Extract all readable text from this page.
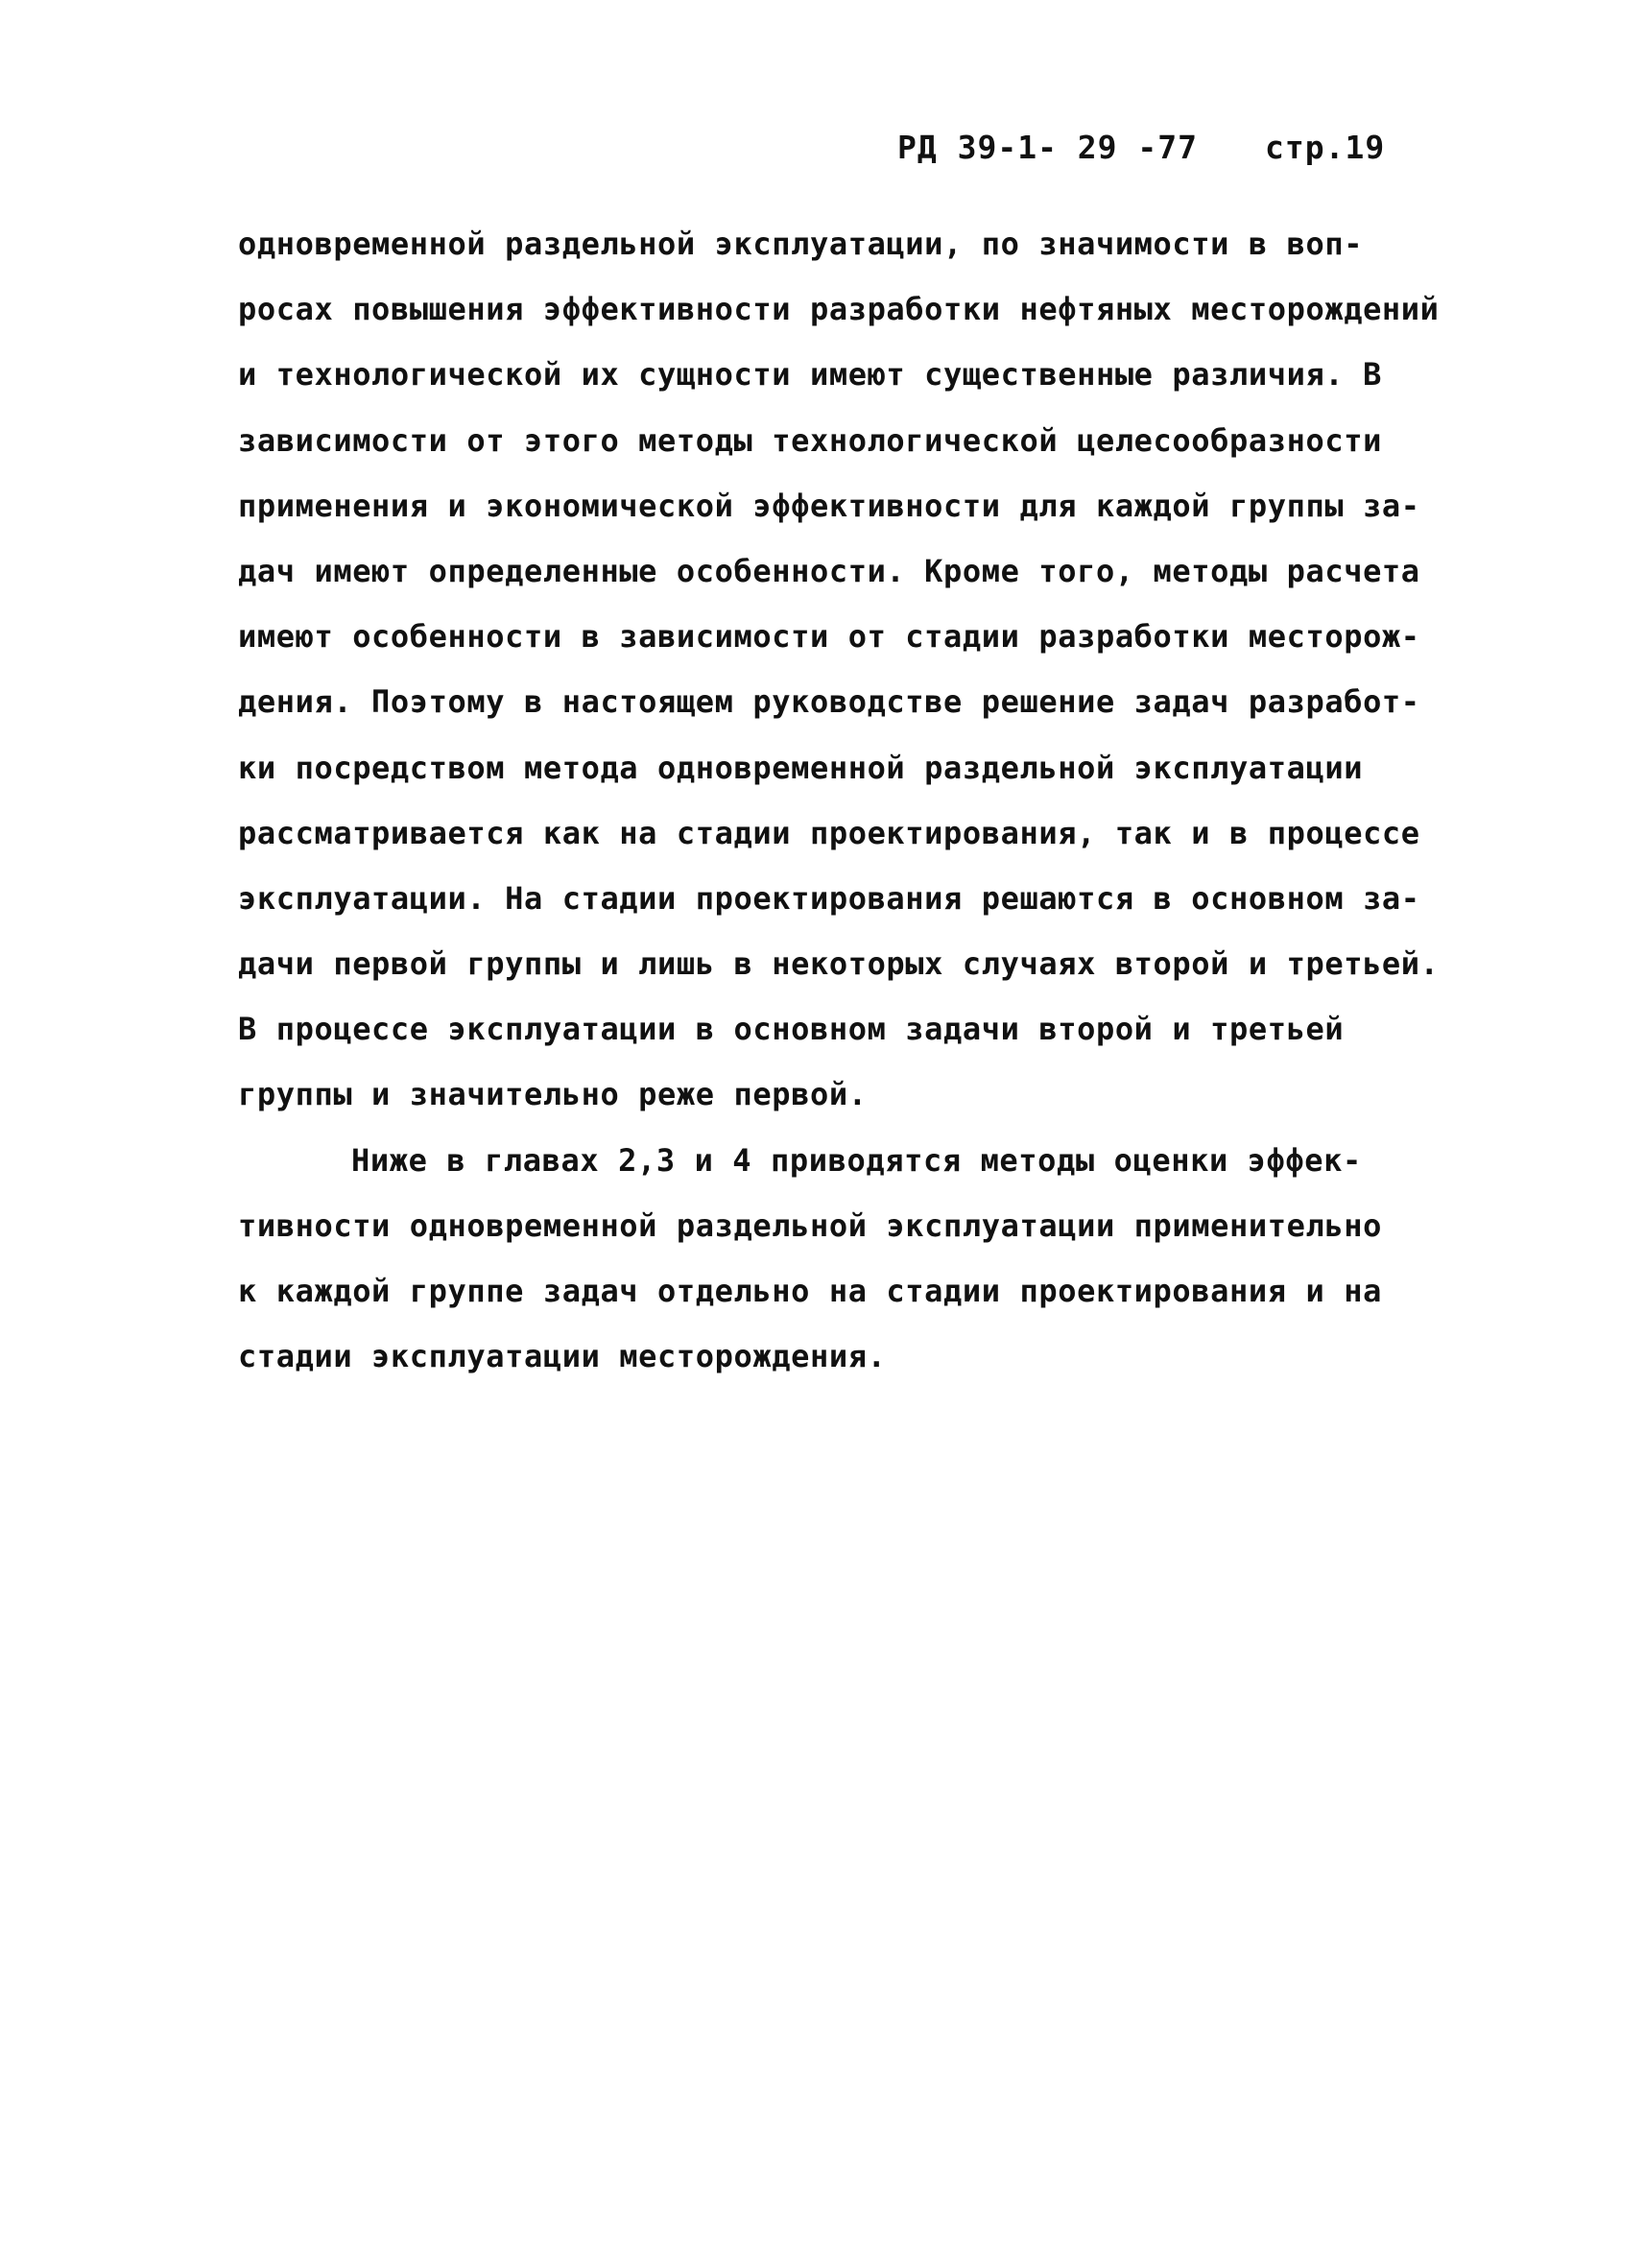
РД 39-1- 29 -77 стр.19
одновременной раздельной эксплуатации, по значимости в воп-
росах повышения эффективности разработки нефтяных месторождений
и технологической их сущности имеют существенные различия. В
зависимости от этого методы технологической целесообразности
применения и экономической эффективности для каждой группы за-
дач имеют определенные особенности. Кроме того, методы расчета
имеют особенности в зависимости от стадии разработки месторож-
дения. Поэтому в настоящем руководстве решение задач разработ-
ки посредством метода одновременной раздельной эксплуатации
рассматривается как на стадии проектирования, так и в процессе
эксплуатации. На стадии проектирования решаются в основном за-
дачи первой группы и лишь в некоторых случаях второй и третьей.
В процессе эксплуатации в основном задачи второй и третьей
группы и значительно реже первой.
Ниже в главах 2,3 и 4 приводятся методы оценки эффек-
тивности одновременной раздельной эксплуатации применительно
к каждой группе задач отдельно на стадии проектирования и на
стадии эксплуатации месторождения.
